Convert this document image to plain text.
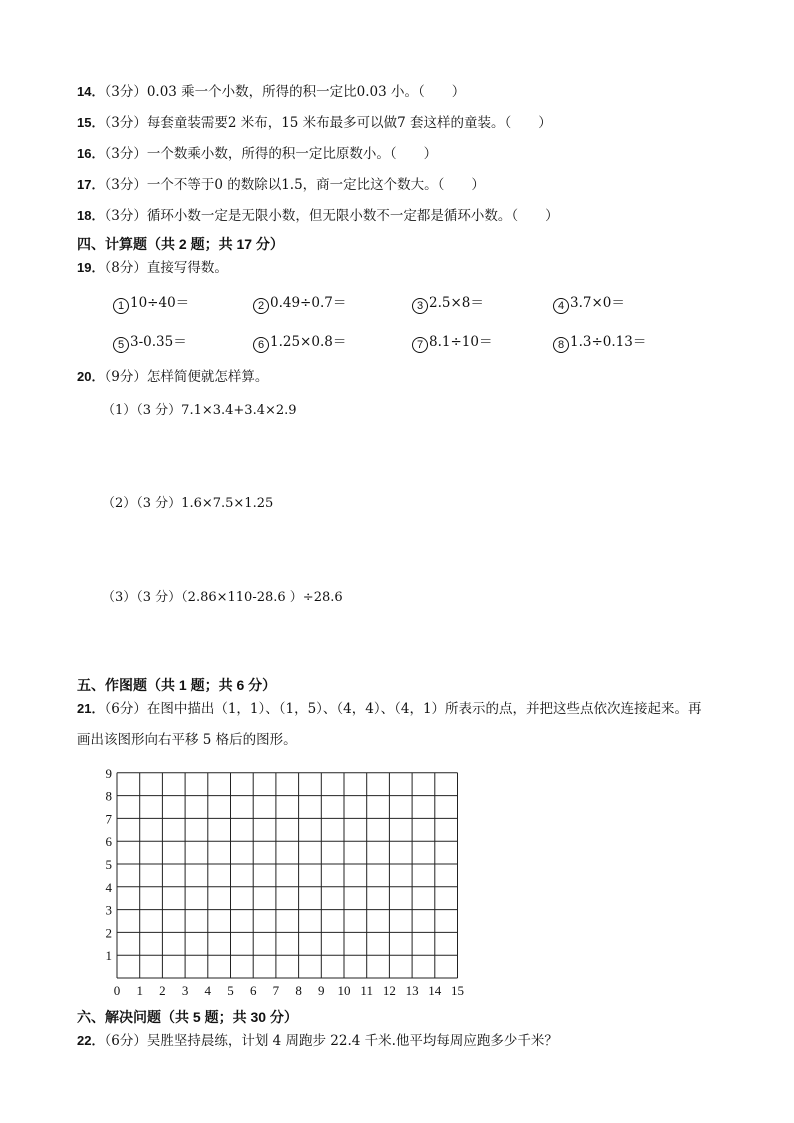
14．（3分）0.03 乘一个小数，所得的积一定比0.03 小。（　　）
15．（3分）每套童装需要2 米布，15 米布最多可以做7 套这样的童装。（　　）
16．（3分）一个数乘小数，所得的积一定比原数小。（　　）
17．（3分）一个不等于0 的数除以1.5，商一定比这个数大。（　　）
18．（3分）循环小数一定是无限小数，但无限小数不一定都是循环小数。（　　）
四、计算题（共 2 题；共 17 分）
19．（8分）直接写得数。
1 10÷40＝	2 0.49÷0.7＝	3 2.5×8＝	4 3.7×0＝
5 3-0.35＝	6 1.25×0.8＝	7 8.1÷10＝	8 1.3÷0.13＝
20．（9分）怎样简便就怎样算。
（1）（3 分）7.1×3.4+3.4×2.9
（2）（3 分）1.6×7.5×1.25
（3）（3 分）（2.86×110-28.6 ）÷28.6
五、作图题（共 1 题；共 6 分）
21．（6分）在图中描出（1，1）、（1，5）、（4，4）、（4，1）所表示的点，并把这些点依次连接起来。再
画出该图形向右平移 5 格后的图形。
0 1 2 3 4 5 6 7 8 9 10 11 12 13 14 15
1
2
3
4
5
6
7
8
9
六、解决问题（共 5 题；共 30 分）
22．（6分）吴胜坚持晨练，计划 4 周跑步 22.4 千米.他平均每周应跑多少千米？
